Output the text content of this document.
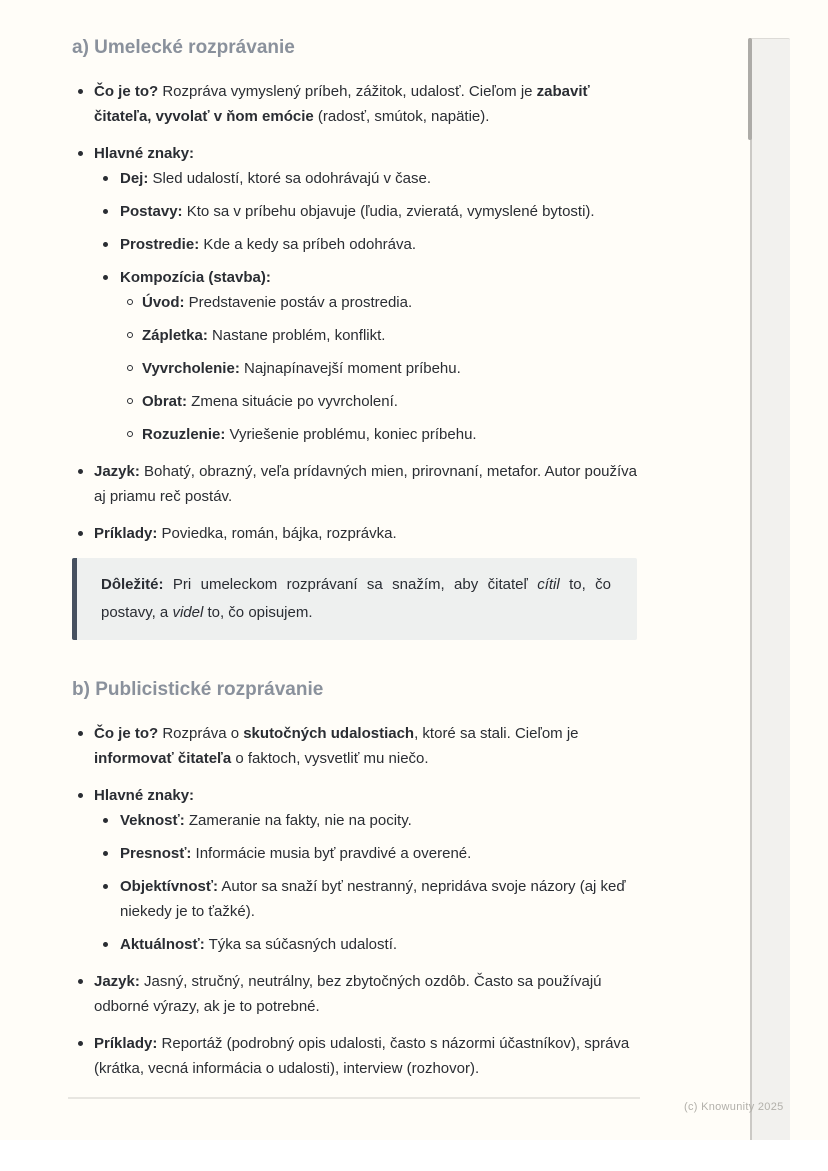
a) Umelecké rozprávanie
Čo je to? Rozpráva vymyslený príbeh, zážitok, udalosť. Cieľom je zabaviť čitateľa, vyvolať v ňom emócie (radosť, smútok, napätie).
Hlavné znaky:
Dej: Sled udalostí, ktoré sa odohrávajú v čase.
Postavy: Kto sa v príbehu objavuje (ľudia, zvieratá, vymyslené bytosti).
Prostredie: Kde a kedy sa príbeh odohráva.
Kompozícia (stavba):
Úvod: Predstavenie postáv a prostredia.
Zápletka: Nastane problém, konflikt.
Vyvrcholenie: Najnapínavejší moment príbehu.
Obrat: Zmena situácie po vyvrcholení.
Rozuzlenie: Vyriešenie problému, koniec príbehu.
Jazyk: Bohatý, obrazný, veľa prídavných mien, prirovnaní, metafor. Autor používa aj priamu reč postáv.
Príklady: Poviedka, román, bájka, rozprávka.

Dôležité: Pri umeleckom rozprávaní sa snažím, aby čitateľ cítil to, čo postavy, a videl to, čo opisujem.

b) Publicistické rozprávanie
Čo je to? Rozpráva o skutočných udalostiach, ktoré sa stali. Cieľom je informovať čitateľa o faktoch, vysvetliť mu niečo.
Hlavné znaky:
Veknosť: Zameranie na fakty, nie na pocity.
Presnosť: Informácie musia byť pravdivé a overené.
Objektívnosť: Autor sa snaží byť nestranný, nepridáva svoje názory (aj keď niekedy je to ťažké).
Aktuálnosť: Týka sa súčasných udalostí.
Jazyk: Jasný, stručný, neutrálny, bez zbytočných ozdôb. Často sa používajú odborné výrazy, ak je to potrebné.
Príklady: Reportáž (podrobný opis udalosti, často s názormi účastníkov), správa (krátka, vecná informácia o udalosti), interview (rozhovor).
(c) Knowunity 2025
